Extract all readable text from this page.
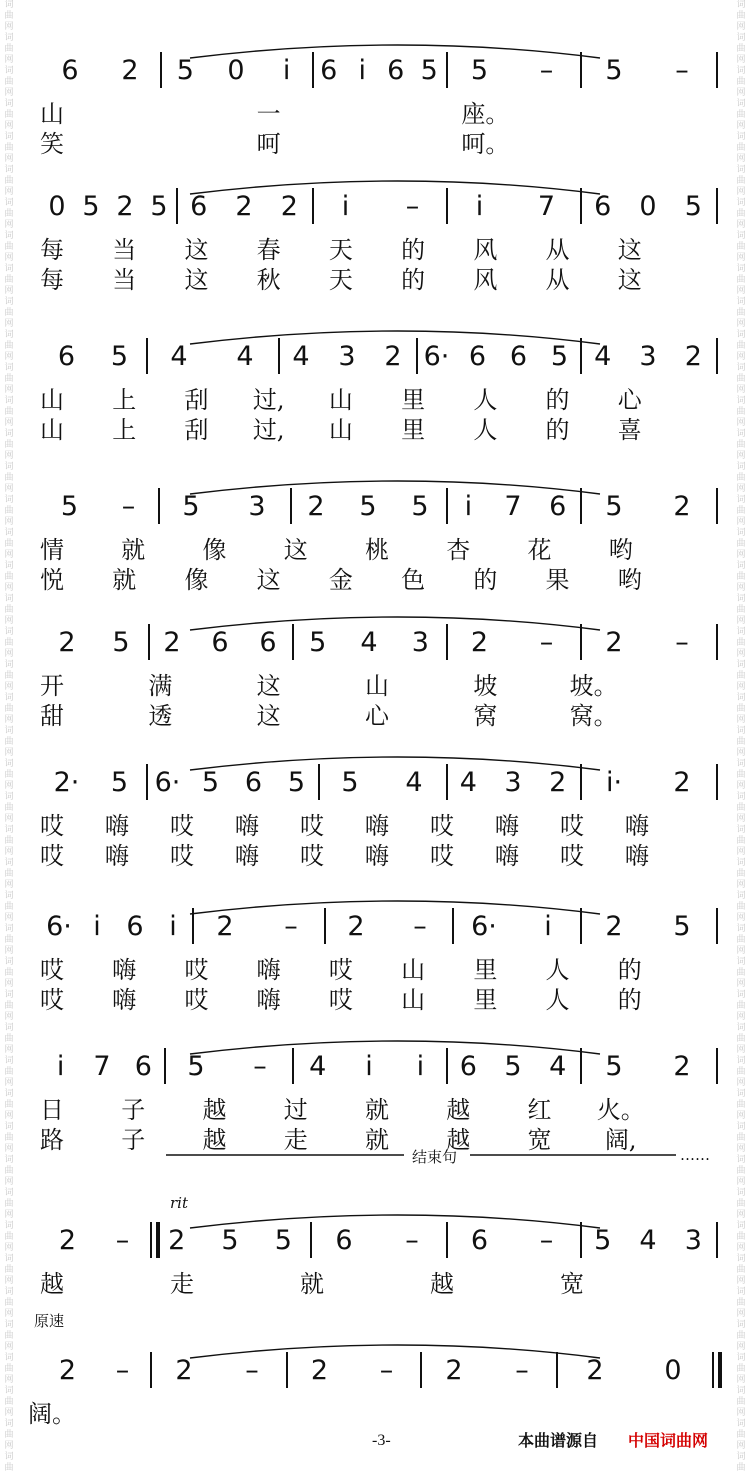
词
曲
网
词
曲
网
词
曲
网
词
曲
网
词
曲
网
词
曲
网
词
曲
网
词
曲
网
词
曲
网
词
曲
网
词
曲
网
词
曲
网
词
曲
网
词
曲
网
词
曲
网
词
曲
网
词
曲
网
词
曲
网
词
曲
网
词
曲
网
词
曲
网
词
曲
网
词
曲
网
词
曲
网
词
曲
网
词
曲
网
词
曲
网
词
曲
网
词
曲
网
词
曲
网
词
曲
网
词
曲
网
词
曲
网
词
曲
网
词
曲
网
词
曲
网
词
曲
网
词
曲
网
词
曲
网
词
曲
网
词
曲
网
词
曲
网
词
曲
网
词
曲
网
词
曲
词
曲
网
词
曲
网
词
曲
网
词
曲
网
词
曲
网
词
曲
网
词
曲
网
词
曲
网
词
曲
网
词
曲
网
词
曲
网
词
曲
网
词
曲
网
词
曲
网
词
曲
网
词
曲
网
词
曲
网
词
曲
网
词
曲
网
词
曲
网
词
曲
网
词
曲
网
词
曲
网
词
曲
网
词
曲
网
词
曲
网
词
曲
网
词
曲
网
词
曲
网
词
曲
网
词
曲
网
词
曲
网
词
曲
网
词
曲
网
词
曲
网
词
曲
网
词
曲
网
词
曲
网
词
曲
网
词
曲
网
词
曲
网
词
曲
网
词
曲
网
词
曲
网
词
曲
6 2 5 0 i 6 i 6 5 5 – 5 –
山	一	座。
笑	呵	呵。
0 5 2 5 6 2 2 i – i 7 6 0 5
每 当 这 春 天 的 风 从 这
每 当 这 秋 天 的 风 从 这
6 5 4 4 4 3 2 6· 6 6 5 4 3 2
山 上 刮 过, 山 里 人 的 心
山 上 刮 过, 山 里 人 的 喜
5 – 5 3 2 5 5 i 7 6 5 2
情 就 像 这 桃 杏 花 哟
悦 就 像 这 金 色 的 果 哟
2 5 2 6 6 5 4 3 2 – 2 –
开	满	这	山	坡	坡。
甜	透	这	心	窝	窝。
2· 5 6· 5 6 5 5 4 4 3 2 i· 2
哎 嗨 哎 嗨 哎 嗨 哎 嗨 哎 嗨
哎 嗨 哎 嗨 哎 嗨 哎 嗨 哎 嗨
6· i 6 i 2 – 2 – 6· i 2 5
哎 嗨 哎 嗨 哎 山 里 人 的
哎 嗨 哎 嗨 哎 山 里 人 的
i 7 6 5 – 4 i i 6 5 4 5 2
日 子 越 过 就 越 红 火。
路 子 越 走 就 越 宽 阔,
2 – 2 5 5 6 – 6 – 5 4 3
越	走	就	越	宽
2 – 2 – 2 – 2 – 2 0
阔。
结束句	……
rit
原速
-3-	本曲谱源自 中国词曲网
